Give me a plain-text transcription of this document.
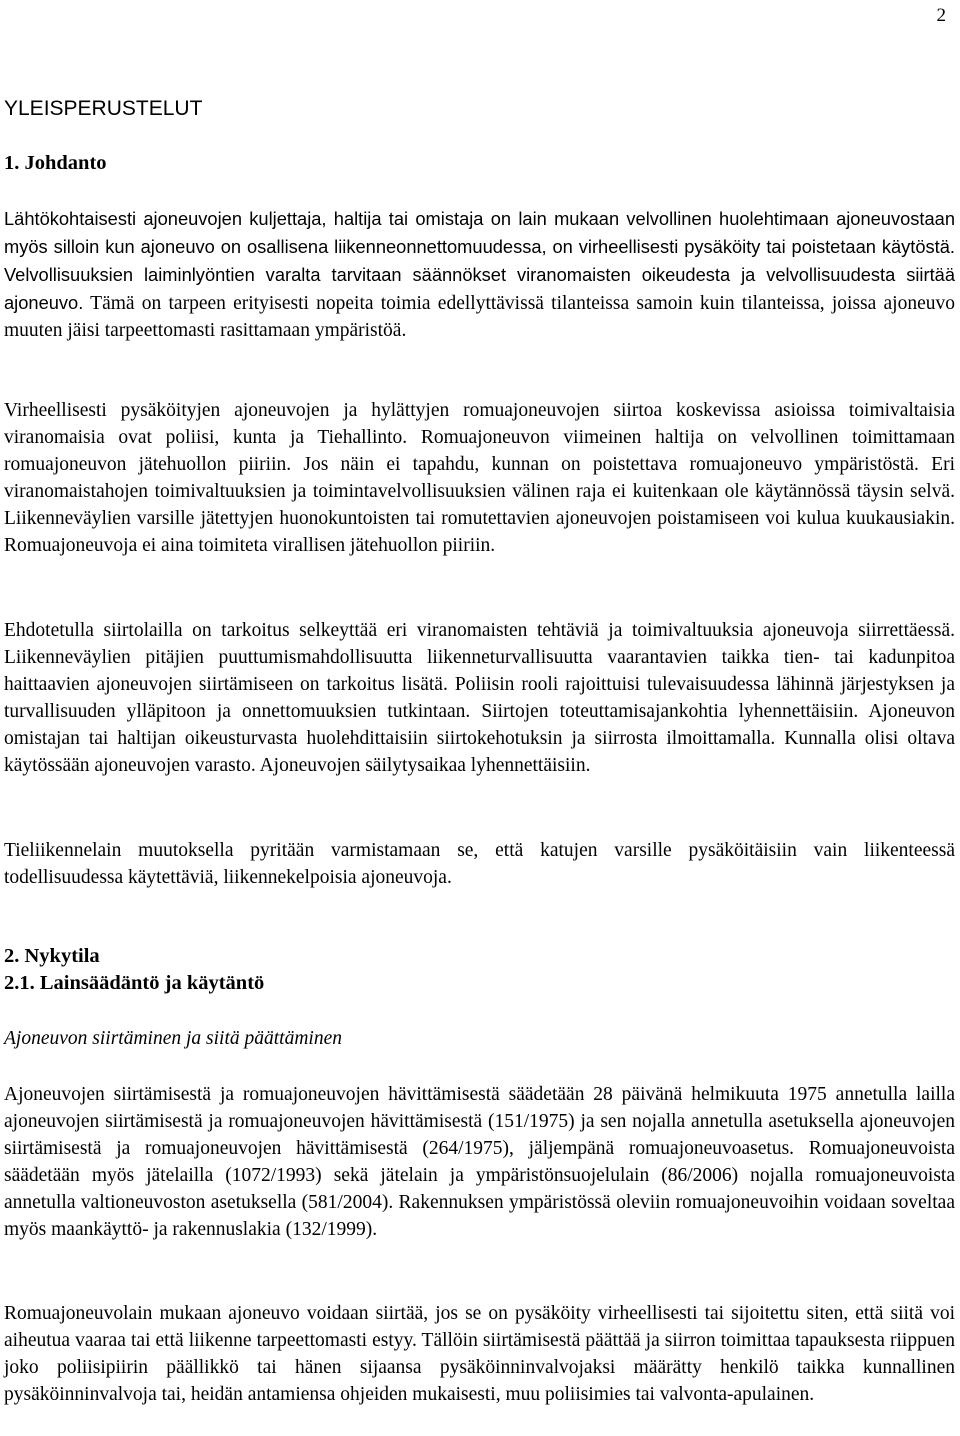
2
YLEISPERUSTELUT
1. Johdanto

Lähtökohtaisesti ajoneuvojen kuljettaja, haltija tai omistaja on lain mukaan velvollinen huolehtimaan ajoneuvostaan myös silloin kun ajoneuvo on osallisena liikenneonnettomuudessa, on virheellisesti pysäköity tai poistetaan käytöstä. Velvollisuuksien laiminlyöntien varalta tarvitaan säännökset viranomaisten oikeudesta ja velvollisuudesta siirtää ajoneuvo. Tämä on tarpeen erityisesti nopeita toimia edellyttävissä tilanteissa samoin kuin tilanteissa, joissa ajoneuvo muuten jäisi tarpeettomasti rasittamaan ympäristöä.

Virheellisesti pysäköityjen ajoneuvojen ja hylättyjen romuajoneuvojen siirtoa koskevissa asioissa toimivaltaisia viranomaisia ovat poliisi, kunta ja Tiehallinto. Romuajoneuvon viimeinen haltija on velvollinen toimittamaan romuajoneuvon jätehuollon piiriin. Jos näin ei tapahdu, kunnan on poistettava romuajoneuvo ympäristöstä. Eri viranomaistahojen toimivaltuuksien ja toimintavelvollisuuksien välinen raja ei kuitenkaan ole käytännössä täysin selvä. Liikenneväylien varsille jätettyjen huonokuntoisten tai romutettavien ajoneuvojen poistamiseen voi kulua kuukausiakin. Romuajoneuvoja ei aina toimiteta virallisen jätehuollon piiriin.

Ehdotetulla siirtolailla on tarkoitus selkeyttää eri viranomaisten tehtäviä ja toimivaltuuksia ajoneuvoja siirrettäessä. Liikenneväylien pitäjien puuttumismahdollisuutta liikenneturvallisuutta vaarantavien taikka tien- tai kadunpitoa haittaavien ajoneuvojen siirtämiseen on tarkoitus lisätä. Poliisin rooli rajoittuisi tulevaisuudessa lähinnä järjestyksen ja turvallisuuden ylläpitoon ja onnettomuuksien tutkintaan. Siirtojen toteuttamisajankohtia lyhennettäisiin. Ajoneuvon omistajan tai haltijan oikeusturvasta huolehdittaisiin siirtokehotuksin ja siirrosta ilmoittamalla. Kunnalla olisi oltava käytössään ajoneuvojen varasto. Ajoneuvojen säilytysaikaa lyhennettäisiin.

Tieliikennelain muutoksella pyritään varmistamaan se, että katujen varsille pysäköitäisiin vain liikenteessä todellisuudessa käytettäviä, liikennekelpoisia ajoneuvoja.

2. Nykytila
2.1. Lainsäädäntö ja käytäntö
Ajoneuvon siirtäminen ja siitä päättäminen

Ajoneuvojen siirtämisestä ja romuajoneuvojen hävittämisestä säädetään 28 päivänä helmikuuta 1975 annetulla lailla ajoneuvojen siirtämisestä ja romuajoneuvojen hävittämisestä (151/1975) ja sen nojalla annetulla asetuksella ajoneuvojen siirtämisestä ja romuajoneuvojen hävittämisestä (264/1975), jäljempänä romuajoneuvoasetus. Romuajoneuvoista säädetään myös jätelailla (1072/1993) sekä jätelain ja ympäristönsuojelulain (86/2006) nojalla romuajoneuvoista annetulla valtioneuvoston asetuksella (581/2004). Rakennuksen ympäristössä oleviin romuajoneuvoihin voidaan soveltaa myös maankäyttö- ja rakennuslakia (132/1999).

Romuajoneuvolain mukaan ajoneuvo voidaan siirtää, jos se on pysäköity virheellisesti tai sijoitettu siten, että siitä voi aiheutua vaaraa tai että liikenne tarpeettomasti estyy. Tällöin siirtämisestä päättää ja siirron toimittaa tapauksesta riippuen joko poliisipiirin päällikkö tai hänen sijaansa pysäköinninvalvojaksi määrätty henkilö taikka kunnallinen pysäköinninvalvoja tai, heidän antamiensa ohjeiden mukaisesti, muu poliisimies tai valvonta-apulainen.
